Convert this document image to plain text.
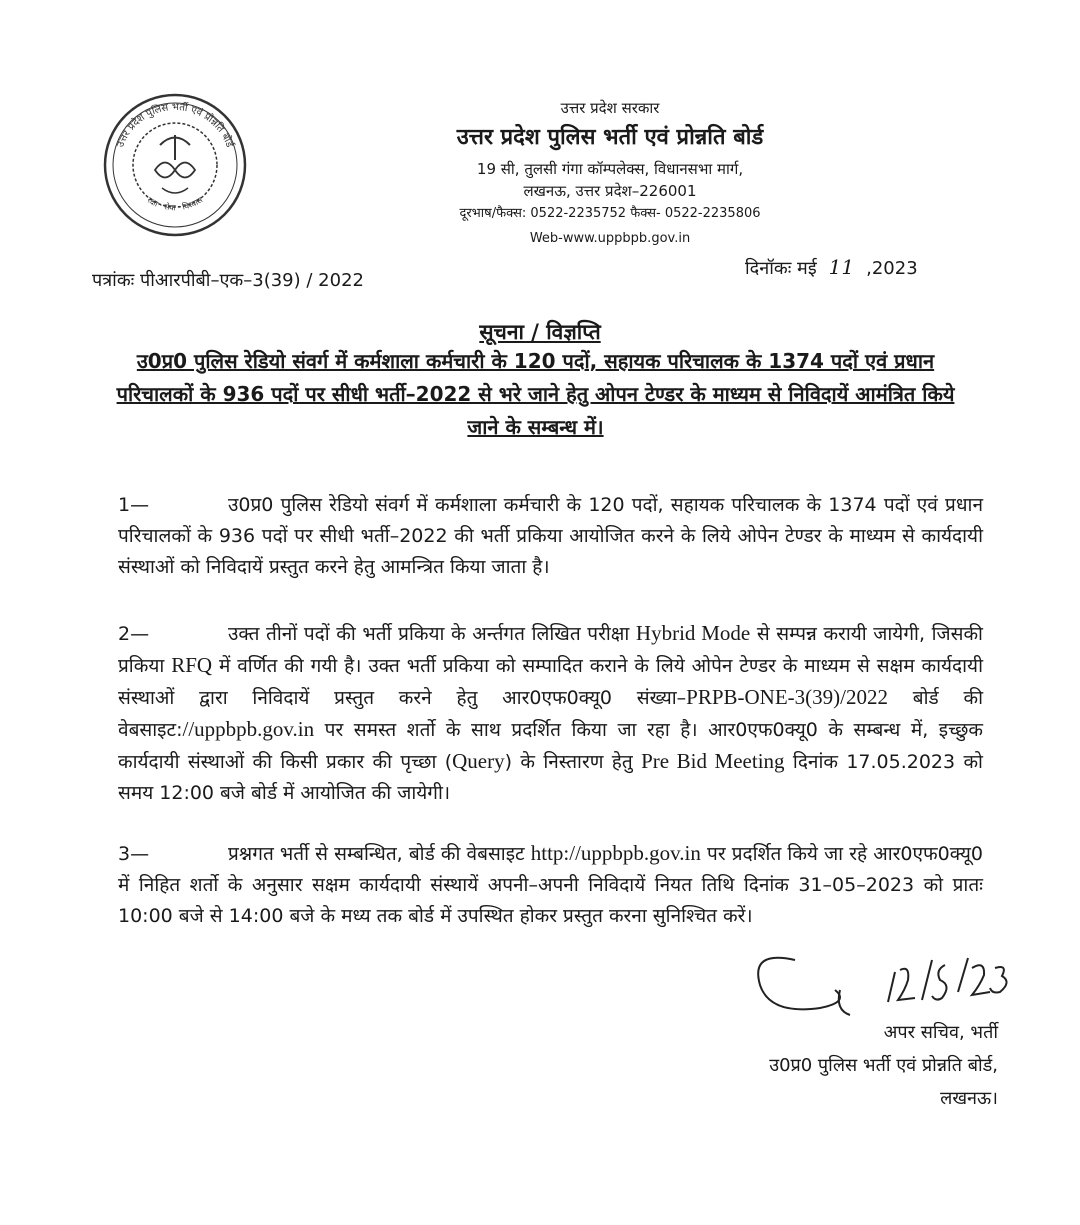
उत्तर प्रदेश पुलिस भर्ती एवं प्रोन्नति बोर्ड
रक्षा · सेवा · विश्वास
उत्तर प्रदेश सरकार
उत्तर प्रदेश पुलिस भर्ती एवं प्रोन्नति बोर्ड
19 सी, तुलसी गंगा कॉम्पलेक्स, विधानसभा मार्ग,
लखनऊ, उत्तर प्रदेश–226001
दूरभाष/फैक्स: 0522-2235752 फैक्स- 0522-2235806
Web-www.uppbpb.gov.in
पत्रांकः पीआरपीबी–एक–3(39) / 2022
दिनॉकः मई 11 ,2023
सूचना / विज्ञप्ति
उ0प्र0 पुलिस रेडियो संवर्ग में कर्मशाला कर्मचारी के 120 पदों, सहायक परिचालक के 1374 पदों एवं प्रधान परिचालकों के 936 पदों पर सीधी भर्ती–2022 से भरे जाने हेतु ओपन टेण्डर के माध्यम से निविदायें आमंत्रित किये जाने के सम्बन्ध में।
1—	उ0प्र0 पुलिस रेडियो संवर्ग में कर्मशाला कर्मचारी के 120 पदों, सहायक परिचालक के 1374 पदों एवं प्रधान परिचालकों के 936 पदों पर सीधी भर्ती–2022 की भर्ती प्रकिया आयोजित करने के लिये ओपेन टेण्डर के माध्यम से कार्यदायी संस्थाओं को निविदायें प्रस्तुत करने हेतु आमन्त्रित किया जाता है।
2—	उक्त तीनों पदों की भर्ती प्रकिया के अर्न्तगत लिखित परीक्षा Hybrid Mode से सम्पन्न करायी जायेगी, जिसकी प्रकिया RFQ में वर्णित की गयी है। उक्त भर्ती प्रकिया को सम्पादित कराने के लिये ओपेन टेण्डर के माध्यम से सक्षम कार्यदायी संस्थाओं द्वारा निविदायें प्रस्तुत करने हेतु आर0एफ0क्यू0 संख्या–PRPB-ONE-3(39)/2022 बोर्ड की वेबसाइट://uppbpb.gov.in पर समस्त शर्तो के साथ प्रदर्शित किया जा रहा है। आर0एफ0क्यू0 के सम्बन्ध में, इच्छुक कार्यदायी संस्थाओं की किसी प्रकार की पृच्छा (Query) के निस्तारण हेतु Pre Bid Meeting दिनांक 17.05.2023 को समय 12:00 बजे बोर्ड में आयोजित की जायेगी।
3—	प्रश्नगत भर्ती से सम्बन्धित, बोर्ड की वेबसाइट http://uppbpb.gov.in पर प्रदर्शित किये जा रहे आर0एफ0क्यू0 में निहित शर्तो के अनुसार सक्षम कार्यदायी संस्थायें अपनी–अपनी निविदायें नियत तिथि दिनांक 31–05–2023 को प्रातः 10:00 बजे से 14:00 बजे के मध्य तक बोर्ड में उपस्थित होकर प्रस्तुत करना सुनिश्चित करें।
अपर सचिव, भर्ती
उ0प्र0 पुलिस भर्ती एवं प्रोन्नति बोर्ड,
लखनऊ।
